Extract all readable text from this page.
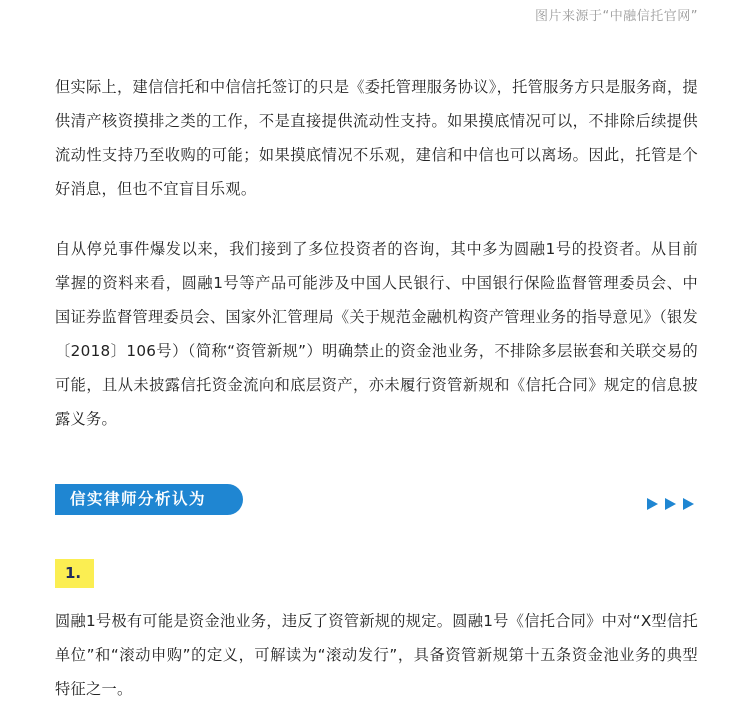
图片来源于“中融信托官网”

但实际上，建信信托和中信信托签订的只是《委托管理服务协议》，托管服务方只是服务商，提供清产核资摸排之类的工作，不是直接提供流动性支持。如果摸底情况可以，不排除后续提供流动性支持乃至收购的可能；如果摸底情况不乐观，建信和中信也可以离场。因此，托管是个好消息，但也不宜盲目乐观。

自从停兑事件爆发以来，我们接到了多位投资者的咨询，其中多为圆融1号的投资者。从目前掌握的资料来看，圆融1号等产品可能涉及中国人民银行、中国银行保险监督管理委员会、中国证券监督管理委员会、国家外汇管理局《关于规范金融机构资产管理业务的指导意见》（银发〔2018〕106号）（简称“资管新规”）明确禁止的资金池业务，不排除多层嵌套和关联交易的可能，且从未披露信托资金流向和底层资产，亦未履行资管新规和《信托合同》规定的信息披露义务。

信实律师分析认为
1.

圆融1号极有可能是资金池业务，违反了资管新规的规定。圆融1号《信托合同》中对“X型信托单位”和“滚动申购”的定义，可解读为“滚动发行”，具备资管新规第十五条资金池业务的典型特征之一。
